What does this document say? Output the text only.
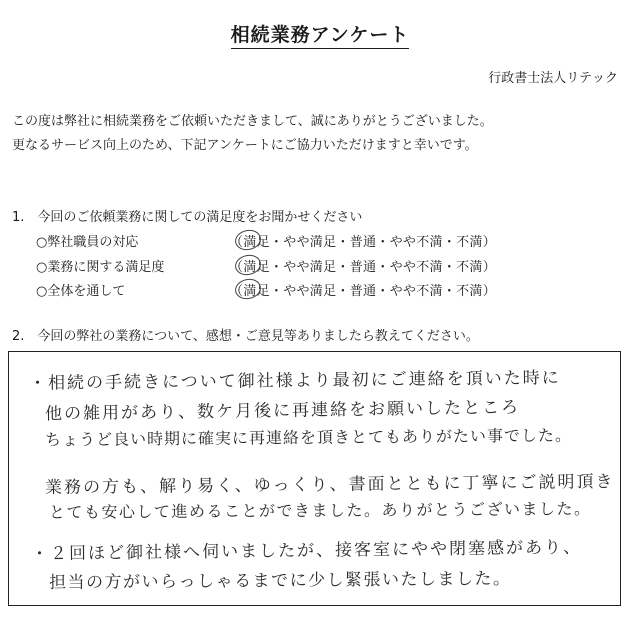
相続業務アンケート
行政書士法人リテック
この度は弊社に相続業務をご依頼いただきまして、誠にありがとうございました。
更なるサービス向上のため、下記アンケートにご協力いただけますと幸いです。
1.　今回のご依頼業務に関しての満足度をお聞かせください
○弊社職員の対応	（満足・やや満足・普通・やや不満・不満）
○業務に関する満足度	（満足・やや満足・普通・やや不満・不満）
○全体を通して	（満足・やや満足・普通・やや不満・不満）
2.　今回の弊社の業務について、感想・ご意見等ありましたら教えてください。
・相続の手続きについて御社様より最初にご連絡を頂いた時に
他の雑用があり、数ケ月後に再連絡をお願いしたところ
ちょうど良い時期に確実に再連絡を頂きとてもありがたい事でした。
業務の方も、解り易く、ゆっくり、書面とともに丁寧にご説明頂き
とても安心して進めることができました。ありがとうございました。
・２回ほど御社様へ伺いましたが、接客室にやや閉塞感があり、
担当の方がいらっしゃるまでに少し緊張いたしました。
